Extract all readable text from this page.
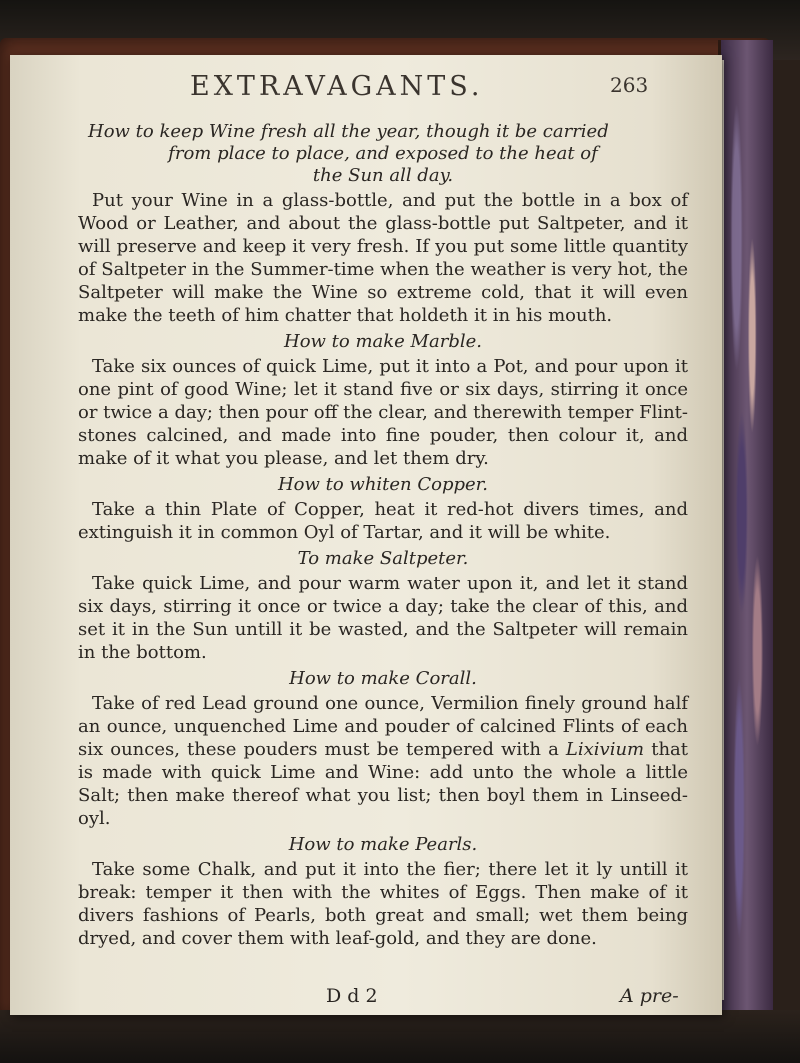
EXTRAVAGANTS.	263

How to keep Wine fresh all the year, though it be carried

from place to place, and exposed to the heat of

the Sun all day.

Put your Wine in a glass-bottle, and put the bottle in a box of Wood or Leather, and about the glass-bottle put Saltpeter, and it will preserve and keep it very fresh. If you put some little quantity of Saltpeter in the Summer-time when the weather is very hot, the Saltpeter will make the Wine so extreme cold, that it will even make the teeth of him chatter that holdeth it in his mouth.

How to make Marble.

Take six ounces of quick Lime, put it into a Pot, and pour upon it one pint of good Wine; let it stand five or six days, stirring it once or twice a day; then pour off the clear, and therewith temper Flint-stones calcined, and made into fine pouder, then colour it, and make of it what you please, and let them dry.

How to whiten Copper.

Take a thin Plate of Copper, heat it red-hot divers times, and extinguish it in common Oyl of Tartar, and it will be white.

To make Saltpeter.

Take quick Lime, and pour warm water upon it, and let it stand six days, stirring it once or twice a day; take the clear of this, and set it in the Sun untill it be wasted, and the Saltpeter will remain in the bottom.

How to make Corall.

Take of red Lead ground one ounce, Vermilion finely ground half an ounce, unquenched Lime and pouder of calcined Flints of each six ounces, these pouders must be tempered with a Lixivium that is made with quick Lime and Wine: add unto the whole a little Salt; then make thereof what you list; then boyl them in Linseed-oyl.

How to make Pearls.

Take some Chalk, and put it into the fier; there let it ly untill it break: temper it then with the whites of Eggs. Then make of it divers fashions of Pearls, both great and small; wet them being dryed, and cover them with leaf-gold, and they are done.

D d 2	A pre-
